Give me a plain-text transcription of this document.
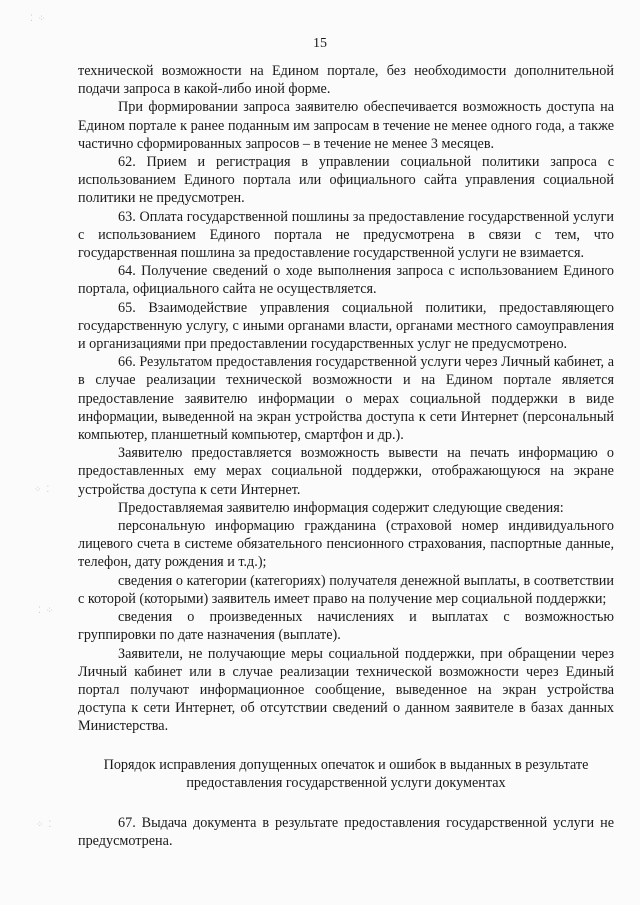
15
⁚ ⁘
⁘ ⁚
⁚ ⁘
⁘ ⁚

технической возможности на Едином портале, без необходимости дополнительной подачи запроса в какой-либо иной форме.

При формировании запроса заявителю обеспечивается возможность доступа на Едином портале к ранее поданным им запросам в течение не менее одного года, а также частично сформированных запросов – в течение не менее 3 месяцев.

62. Прием и регистрация в управлении социальной политики запроса с использованием Единого портала или официального сайта управления социальной политики не предусмотрен.

63. Оплата государственной пошлины за предоставление государственной услуги с использованием Единого портала не предусмотрена в связи с тем, что государственная пошлина за предоставление государственной услуги не взимается.

64. Получение сведений о ходе выполнения запроса с использованием Единого портала, официального сайта не осуществляется.

65. Взаимодействие управления социальной политики, предоставляющего государственную услугу, с иными органами власти, органами местного самоуправления и организациями при предоставлении государственных услуг не предусмотрено.

66. Результатом предоставления государственной услуги через Личный кабинет, а в случае реализации технической возможности и на Едином портале является предоставление заявителю информации о мерах социальной поддержки в виде информации, выведенной на экран устройства доступа к сети Интернет (персональный компьютер, планшетный компьютер, смартфон и др.).

Заявителю предоставляется возможность вывести на печать информацию о предоставленных ему мерах социальной поддержки, отображающуюся на экране устройства доступа к сети Интернет.

Предоставляемая заявителю информация содержит следующие сведения:

персональную информацию гражданина (страховой номер индивидуального лицевого счета в системе обязательного пенсионного страхования, паспортные данные, телефон, дату рождения и т.д.);

сведения о категории (категориях) получателя денежной выплаты, в соответствии с которой (которыми) заявитель имеет право на получение мер социальной поддержки;

сведения о произведенных начислениях и выплатах с возможностью группировки по дате назначения (выплате).

Заявители, не получающие меры социальной поддержки, при обращении через Личный кабинет или в случае реализации технической возможности через Единый портал получают информационное сообщение, выведенное на экран устройства доступа к сети Интернет, об отсутствии сведений о данном заявителе в базах данных Министерства.

Порядок исправления допущенных опечаток и ошибок в выданных в результате предоставления государственной услуги документах

67. Выдача документа в результате предоставления государственной услуги не предусмотрена.
